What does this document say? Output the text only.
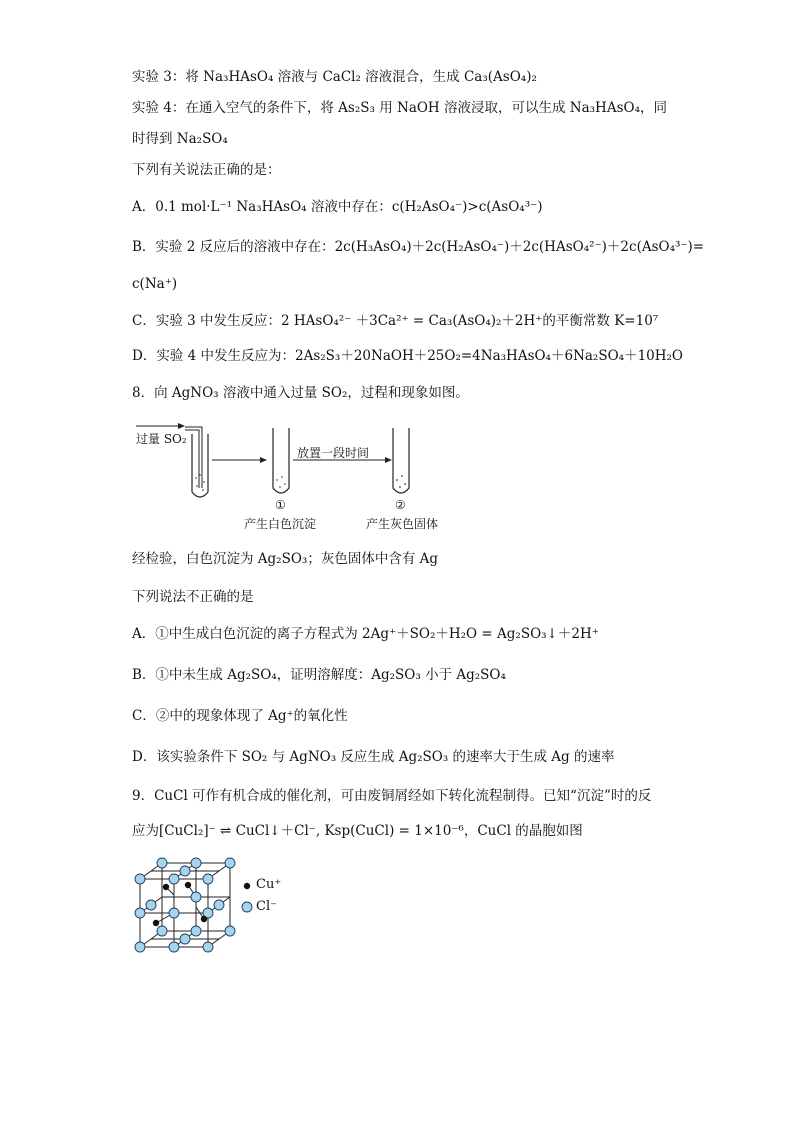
实验 3：将 Na₃HAsO₄ 溶液与 CaCl₂ 溶液混合，生成 Ca₃(AsO₄)₂
实验 4：在通入空气的条件下，将 As₂S₃ 用 NaOH 溶液浸取，可以生成 Na₃HAsO₄，同
时得到 Na₂SO₄
下列有关说法正确的是：
A．0.1 mol·L⁻¹ Na₃HAsO₄ 溶液中存在：c(H₂AsO₄⁻)>c(AsO₄³⁻)
B．实验 2 反应后的溶液中存在：2c(H₃AsO₄)＋2c(H₂AsO₄⁻)＋2c(HAsO₄²⁻)＋2c(AsO₄³⁻)=
c(Na⁺)
C．实验 3 中发生反应：2 HAsO₄²⁻ ＋3Ca²⁺ = Ca₃(AsO₄)₂＋2H⁺的平衡常数 K=10⁷
D．实验 4 中发生反应为：2As₂S₃＋20NaOH＋25O₂=4Na₃HAsO₄＋6Na₂SO₄＋10H₂O
8．向 AgNO₃ 溶液中通入过量 SO₂，过程和现象如图。
过量 SO₂
放置一段时间
①	②
产生白色沉淀	产生灰色固体
经检验，白色沉淀为 Ag₂SO₃；灰色固体中含有 Ag
下列说法不正确的是
A．①中生成白色沉淀的离子方程式为 2Ag⁺＋SO₂＋H₂O = Ag₂SO₃↓＋2H⁺
B．①中未生成 Ag₂SO₄，证明溶解度：Ag₂SO₃ 小于 Ag₂SO₄
C．②中的现象体现了 Ag⁺的氧化性
D．该实验条件下 SO₂ 与 AgNO₃ 反应生成 Ag₂SO₃ 的速率大于生成 Ag 的速率
9．CuCl 可作有机合成的催化剂，可由废铜屑经如下转化流程制得。已知“沉淀”时的反
应为[CuCl₂]⁻ ⇌ CuCl↓＋Cl⁻, Ksp(CuCl) = 1×10⁻⁶，CuCl 的晶胞如图
Cu⁺
Cl⁻
